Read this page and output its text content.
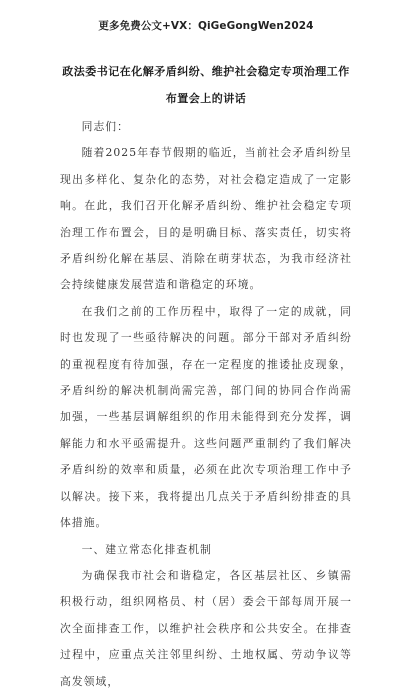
更多免费公文+VX：QiGeGongWen2024
政法委书记在化解矛盾纠纷、维护社会稳定专项治理工作
布置会上的讲话

同志们：

随着2025年春节假期的临近，当前社会矛盾纠纷呈现出多样化、复杂化的态势，对社会稳定造成了一定影响。在此，我们召开化解矛盾纠纷、维护社会稳定专项治理工作布置会，目的是明确目标、落实责任，切实将矛盾纠纷化解在基层、消除在萌芽状态，为我市经济社会持续健康发展营造和谐稳定的环境。

在我们之前的工作历程中，取得了一定的成就，同时也发现了一些亟待解决的问题。部分干部对矛盾纠纷的重视程度有待加强，存在一定程度的推诿扯皮现象，矛盾纠纷的解决机制尚需完善，部门间的协同合作尚需加强，一些基层调解组织的作用未能得到充分发挥，调解能力和水平亟需提升。这些问题严重制约了我们解决矛盾纠纷的效率和质量，必须在此次专项治理工作中予以解决。接下来，我将提出几点关于矛盾纠纷排查的具体措施。

一、建立常态化排查机制

为确保我市社会和谐稳定，各区基层社区、乡镇需积极行动，组织网格员、村（居）委会干部每周开展一次全面排查工作，以维护社会秩序和公共安全。在排查过程中，应重点关注邻里纠纷、土地权属、劳动争议等高发领域，
